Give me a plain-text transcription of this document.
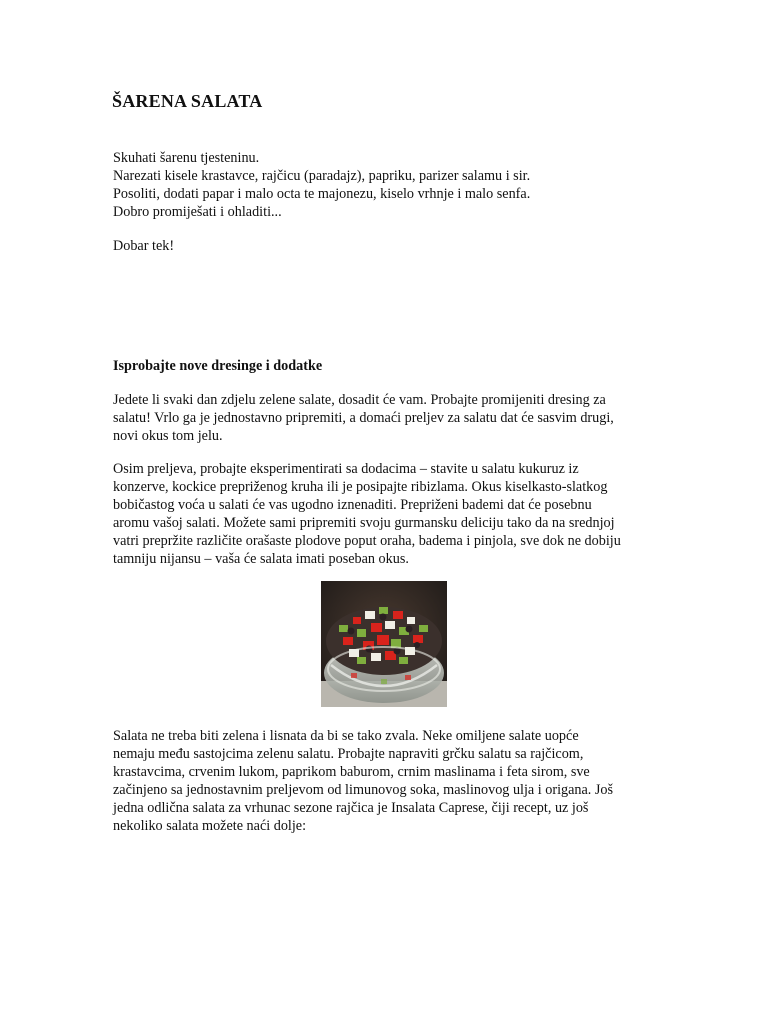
ŠARENA SALATA
Skuhati šarenu tjesteninu.
Narezati kisele krastavce, rajčicu (paradajz), papriku, parizer salamu i sir.
Posoliti, dodati papar i malo octa te majonezu, kiselo vrhnje i malo senfa.
Dobro promiješati i ohladiti...
Dobar tek!
Isprobajte nove dresinge i dodatke
Jedete li svaki dan zdjelu zelene salate, dosadit će vam. Probajte promijeniti dresing za
salatu! Vrlo ga je jednostavno pripremiti, a domaći preljev za salatu dat će sasvim drugi,
novi okus tom jelu.
Osim preljeva, probajte eksperimentirati sa dodacima – stavite u salatu kukuruz iz
konzerve, kockice prepriženog kruha ili je posipajte ribizlama. Okus kiselkasto-slatkog
bobičastog voća u salati će vas ugodno iznenaditi. Prepriženi bademi dat će posebnu
aromu vašoj salati. Možete sami pripremiti svoju gurmansku deliciju tako da na srednjoj
vatri prepržite različite orašaste plodove poput oraha, badema i pinjola, sve dok ne dobiju
tamniju nijansu – vaša će salata imati poseban okus.
Salata ne treba biti zelena i lisnata da bi se tako zvala. Neke omiljene salate uopće
nemaju među sastojcima zelenu salatu. Probajte napraviti grčku salatu sa rajčicom,
krastavcima, crvenim lukom, paprikom baburom, crnim maslinama i feta sirom, sve
začinjeno sa jednostavnim preljevom od limunovog soka, maslinovog ulja i origana. Još
jedna odlična salata za vrhunac sezone rajčica je Insalata Caprese, čiji recept, uz još
nekoliko salata možete naći dolje:
